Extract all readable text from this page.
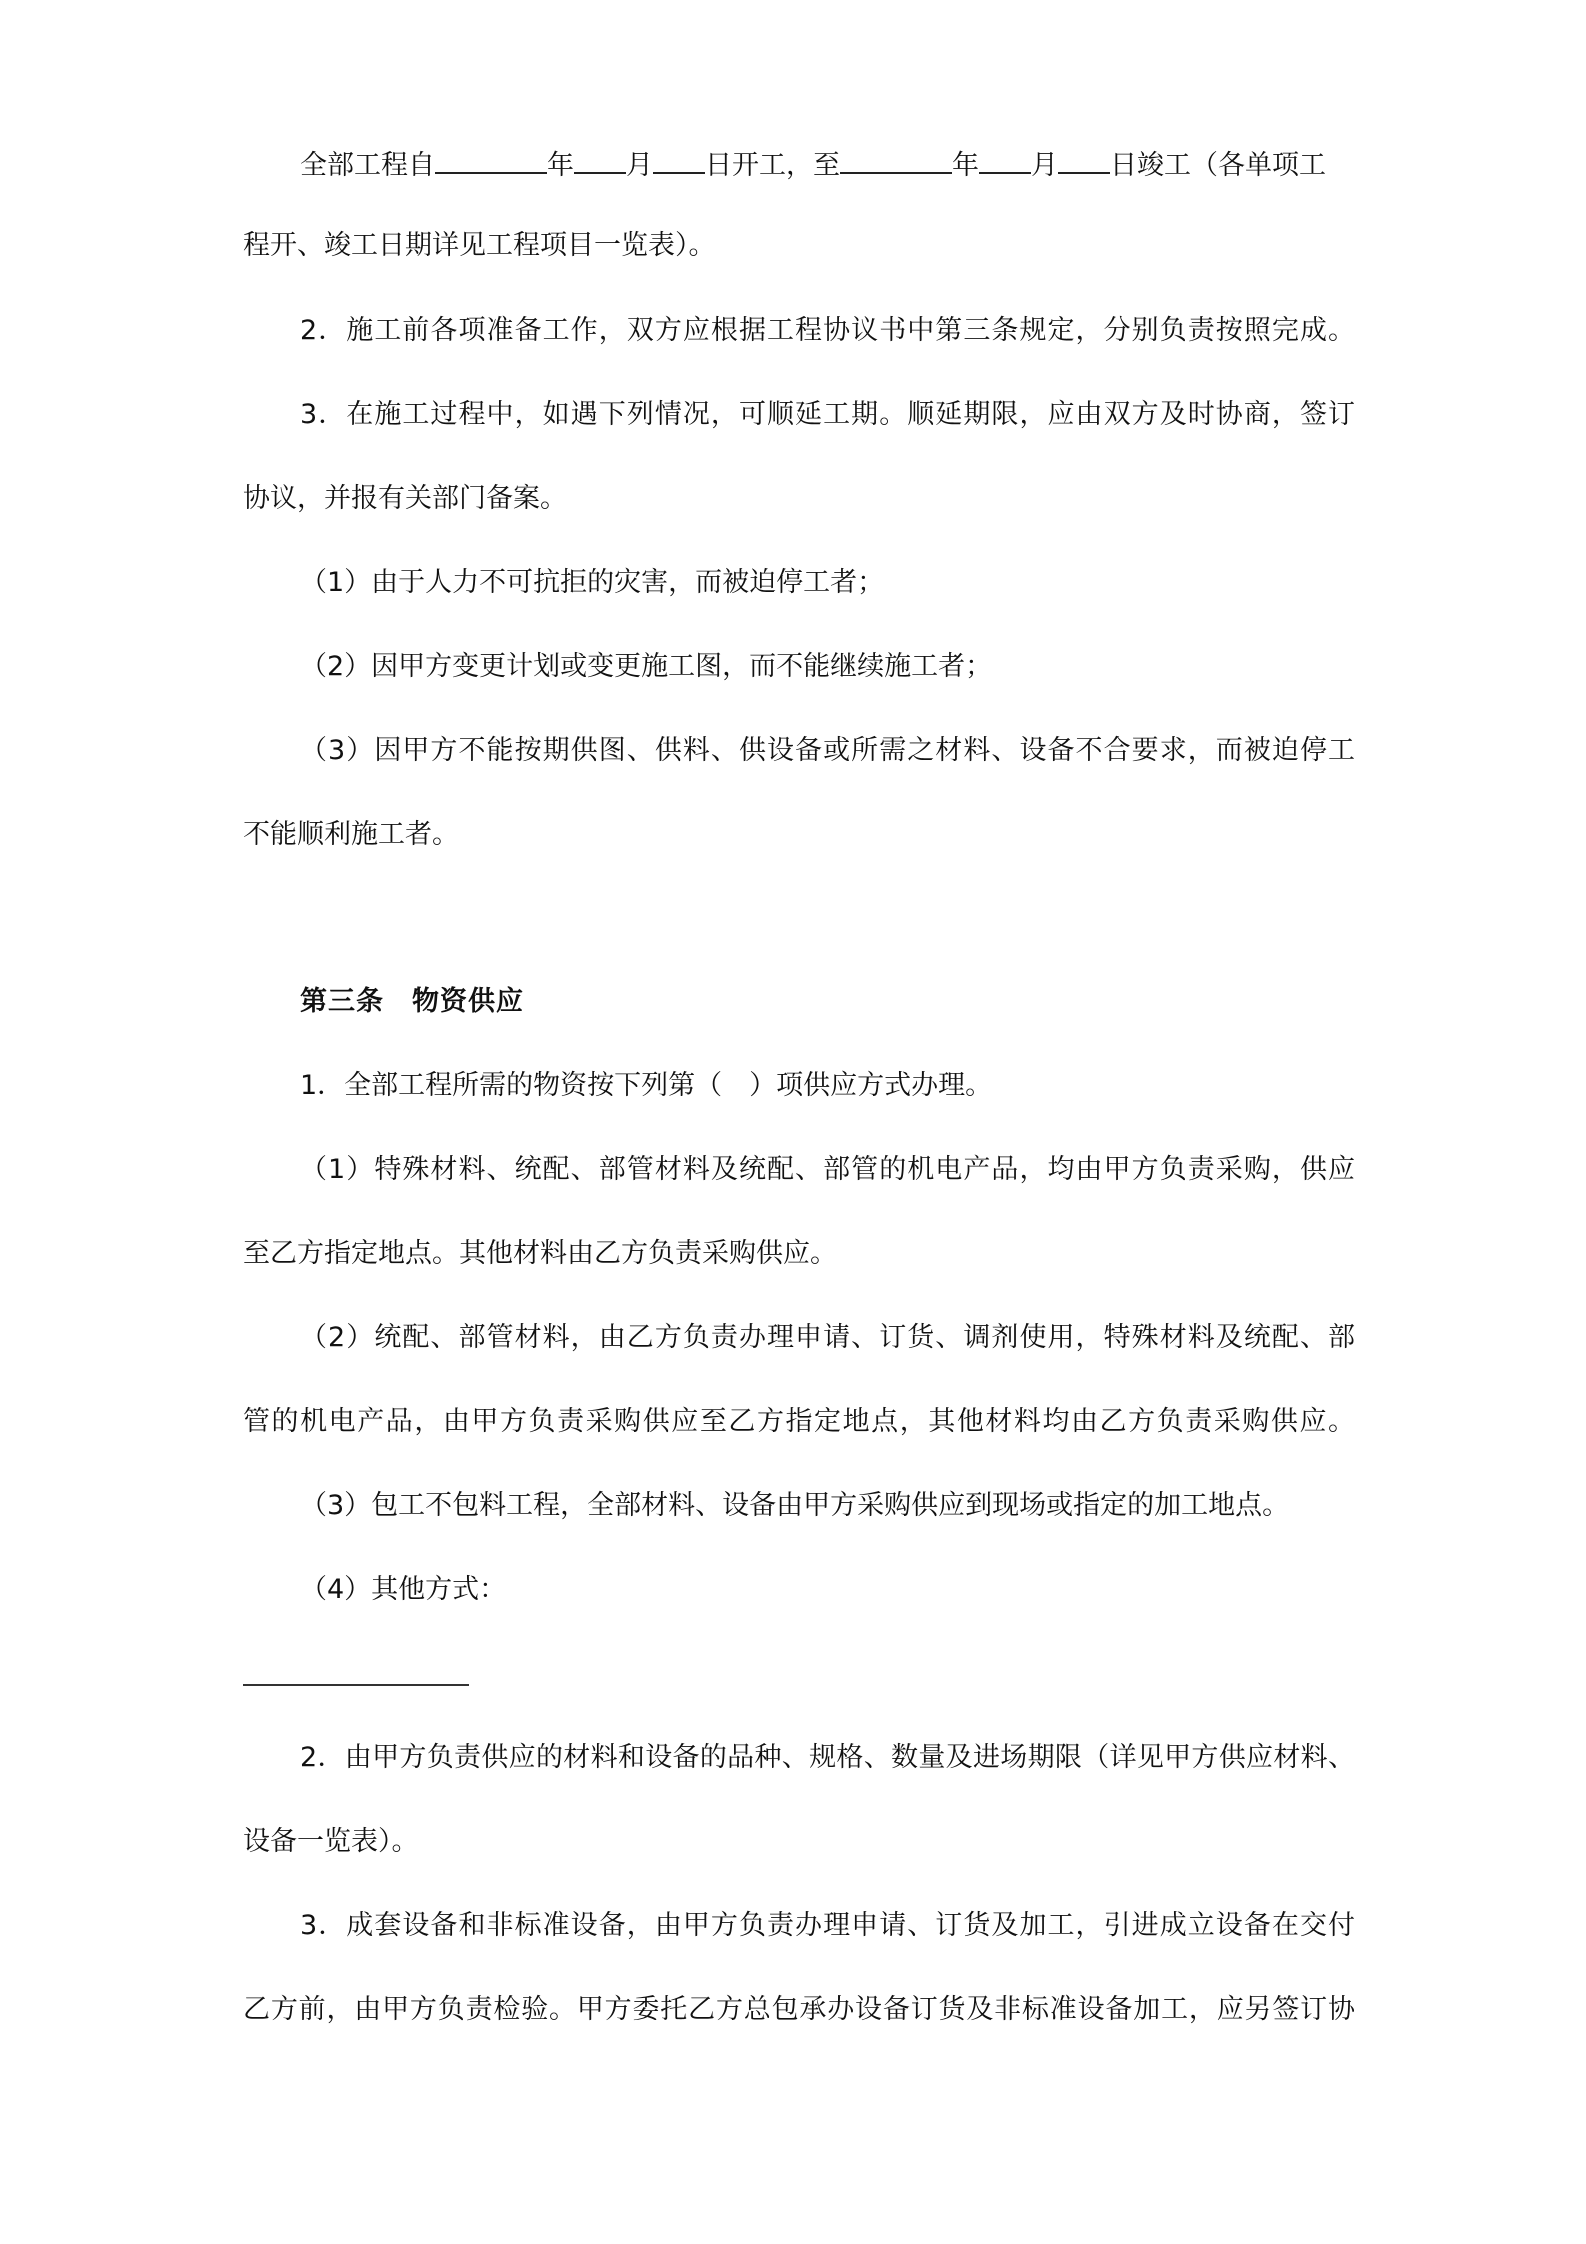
全部工程自	年 月 日开工，至	年 月 日竣工（各单项工

程开、竣工日期详见工程项目一览表）。

2．施工前各项准备工作，双方应根据工程协议书中第三条规定，分别负责按照完成。

3．在施工过程中，如遇下列情况，可顺延工期。顺延期限，应由双方及时协商，签订

协议，并报有关部门备案。

（1）由于人力不可抗拒的灾害，而被迫停工者；

（2）因甲方变更计划或变更施工图，而不能继续施工者；

（3）因甲方不能按期供图、供料、供设备或所需之材料、设备不合要求，而被迫停工

不能顺利施工者。

第三条　物资供应

1．全部工程所需的物资按下列第（　）项供应方式办理。

（1）特殊材料、统配、部管材料及统配、部管的机电产品，均由甲方负责采购，供应

至乙方指定地点。其他材料由乙方负责采购供应。

（2）统配、部管材料，由乙方负责办理申请、订货、调剂使用，特殊材料及统配、部

管的机电产品，由甲方负责采购供应至乙方指定地点，其他材料均由乙方负责采购供应。

（3）包工不包料工程，全部材料、设备由甲方采购供应到现场或指定的加工地点。

（4）其他方式：

2．由甲方负责供应的材料和设备的品种、规格、数量及进场期限（详见甲方供应材料、

设备一览表）。

3．成套设备和非标准设备，由甲方负责办理申请、订货及加工，引进成立设备在交付

乙方前，由甲方负责检验。甲方委托乙方总包承办设备订货及非标准设备加工，应另签订协
